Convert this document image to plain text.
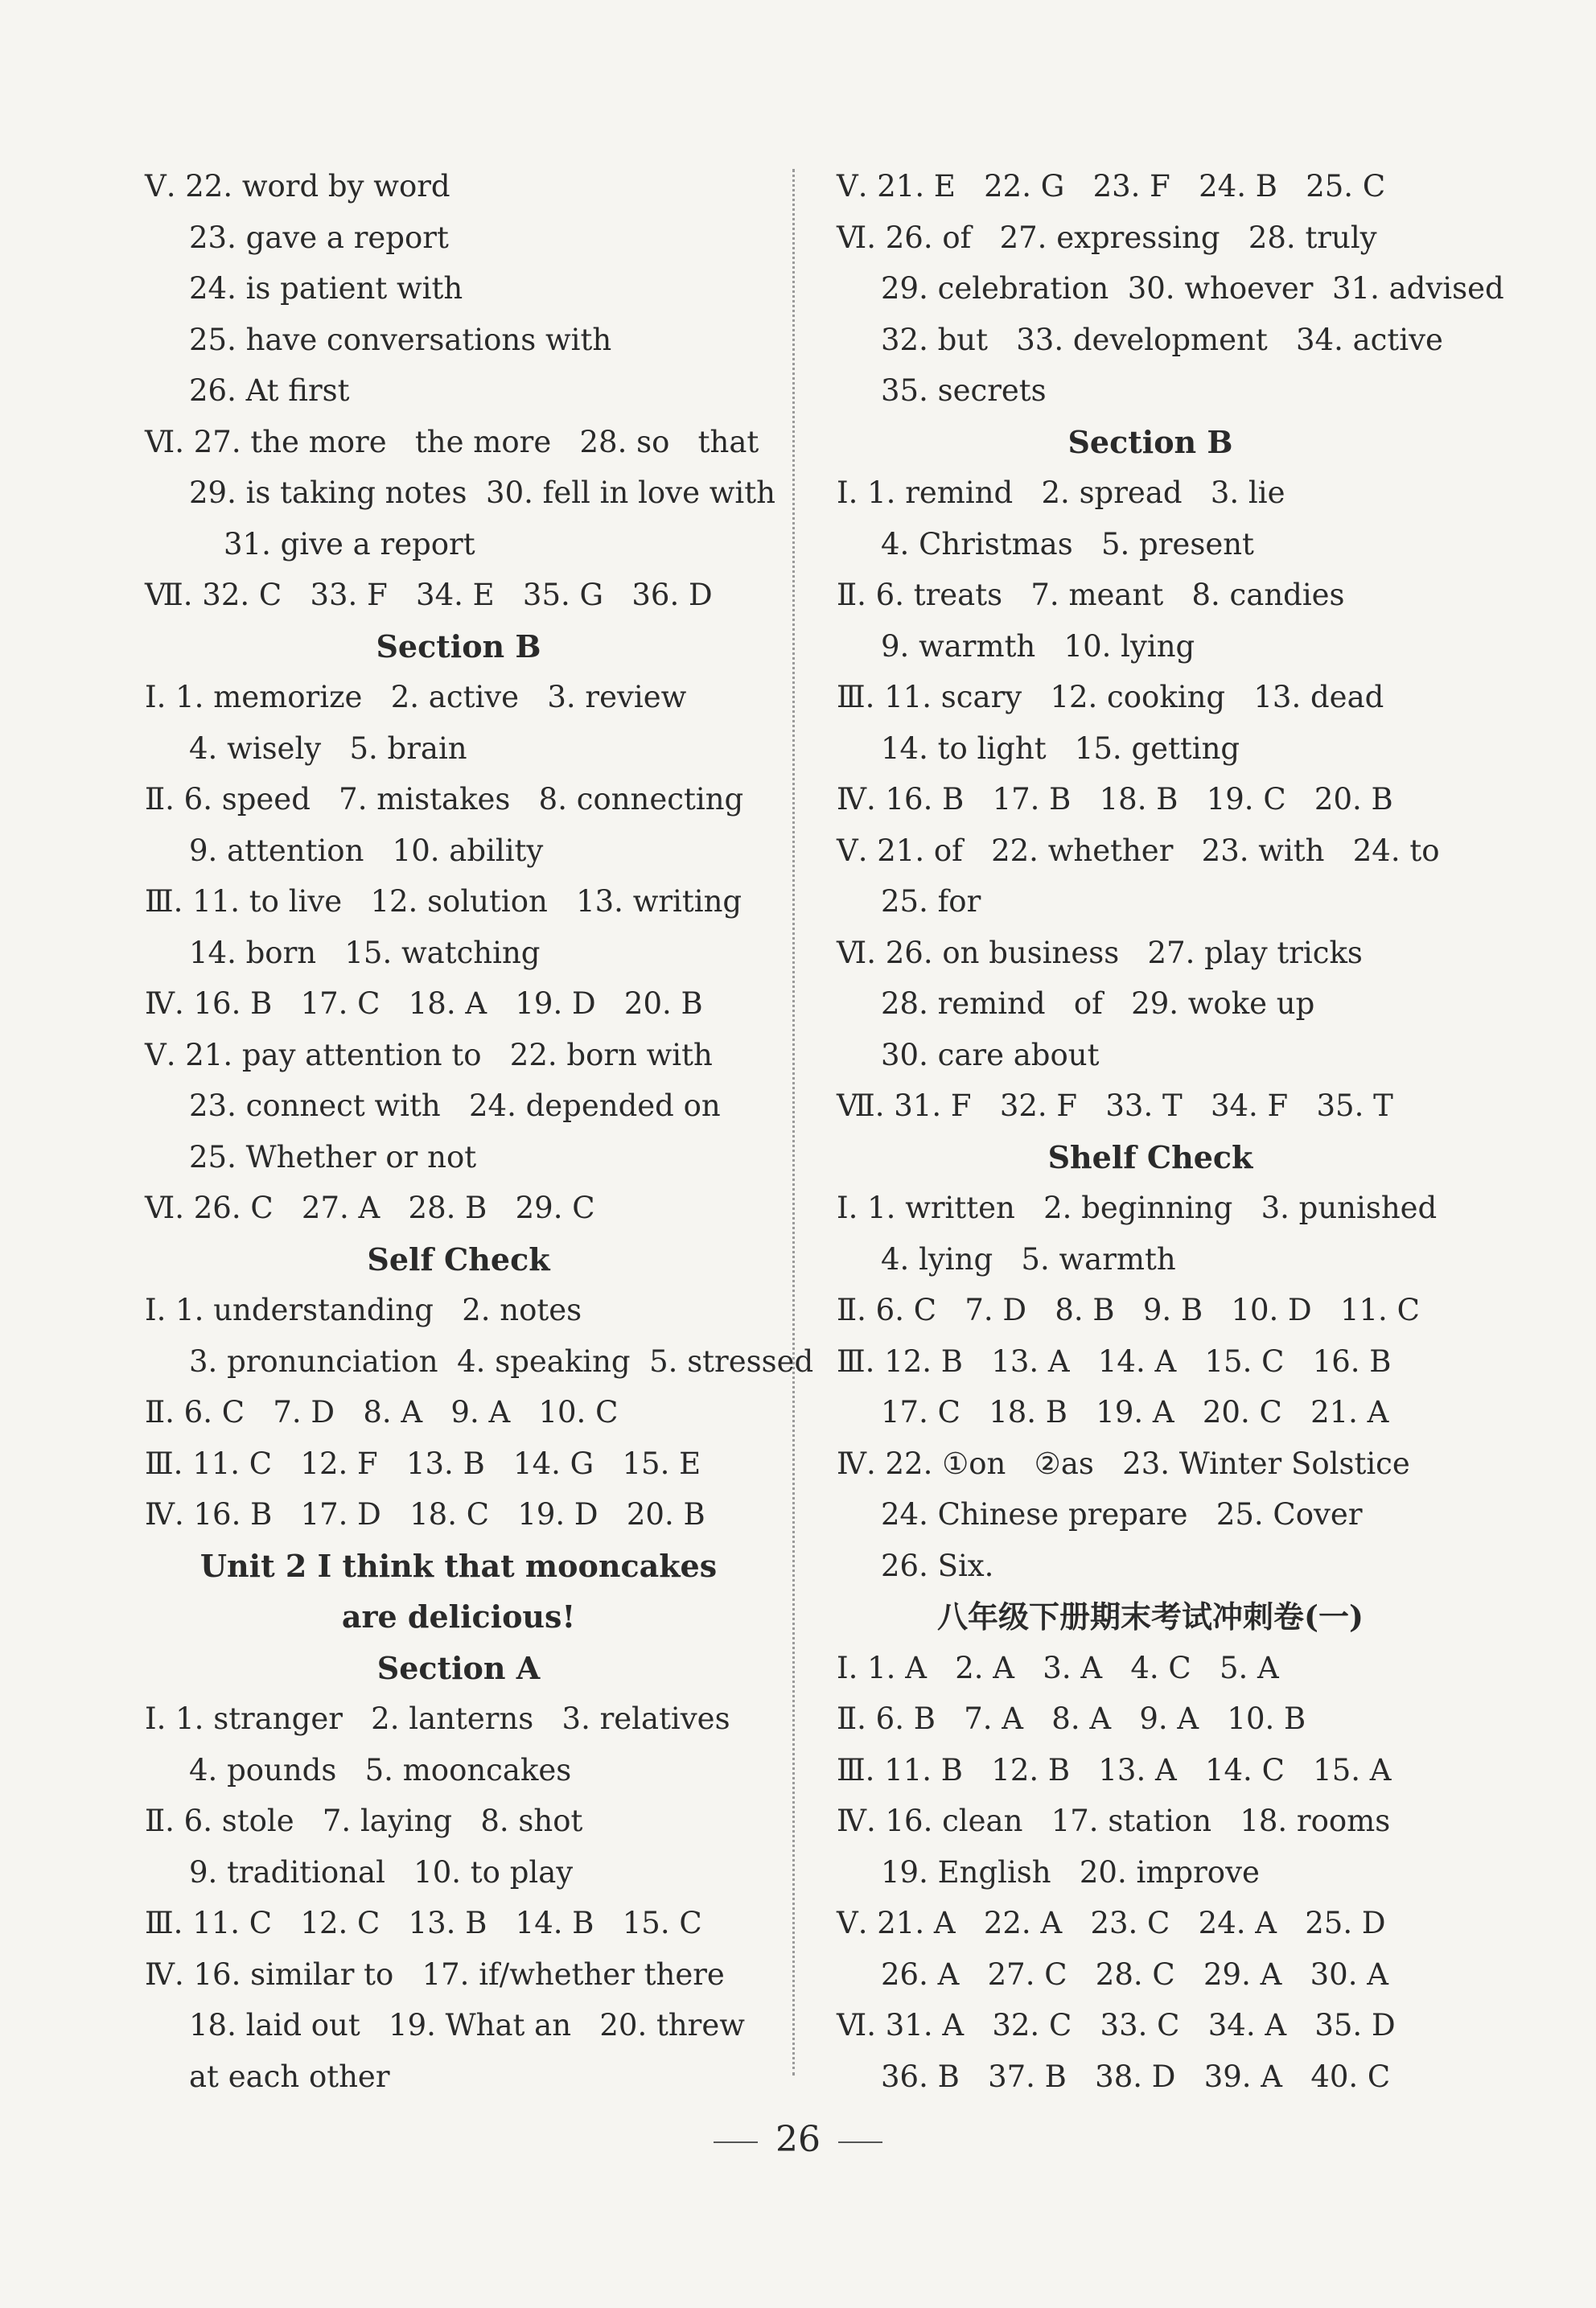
Ⅴ. 22. word by word
23. gave a report
24. is patient with
25. have conversations with
26. At first
Ⅵ. 27. the more   the more   28. so   that
29. is taking notes  30. fell in love with
31. give a report
Ⅶ. 32. C   33. F   34. E   35. G   36. D
Section B
Ⅰ. 1. memorize   2. active   3. review
4. wisely   5. brain
Ⅱ. 6. speed   7. mistakes   8. connecting
9. attention   10. ability
Ⅲ. 11. to live   12. solution   13. writing
14. born   15. watching
Ⅳ. 16. B   17. C   18. A   19. D   20. B
Ⅴ. 21. pay attention to   22. born with
23. connect with   24. depended on
25. Whether or not
Ⅵ. 26. C   27. A   28. B   29. C
Self Check
Ⅰ. 1. understanding   2. notes
3. pronunciation  4. speaking  5. stressed
Ⅱ. 6. C   7. D   8. A   9. A   10. C
Ⅲ. 11. C   12. F   13. B   14. G   15. E
Ⅳ. 16. B   17. D   18. C   19. D   20. B
Unit 2 I think that mooncakes
are delicious!
Section A
Ⅰ. 1. stranger   2. lanterns   3. relatives
4. pounds   5. mooncakes
Ⅱ. 6. stole   7. laying   8. shot
9. traditional   10. to play
Ⅲ. 11. C   12. C   13. B   14. B   15. C
Ⅳ. 16. similar to   17. if/whether there
18. laid out   19. What an   20. threw
at each other
Ⅴ. 21. E   22. G   23. F   24. B   25. C
Ⅵ. 26. of   27. expressing   28. truly
29. celebration  30. whoever  31. advised
32. but   33. development   34. active
35. secrets
Section B
Ⅰ. 1. remind   2. spread   3. lie
4. Christmas   5. present
Ⅱ. 6. treats   7. meant   8. candies
9. warmth   10. lying
Ⅲ. 11. scary   12. cooking   13. dead
14. to light   15. getting
Ⅳ. 16. B   17. B   18. B   19. C   20. B
Ⅴ. 21. of   22. whether   23. with   24. to
25. for
Ⅵ. 26. on business   27. play tricks
28. remind   of   29. woke up
30. care about
Ⅶ. 31. F   32. F   33. T   34. F   35. T
Shelf Check
Ⅰ. 1. written   2. beginning   3. punished
4. lying   5. warmth
Ⅱ. 6. C   7. D   8. B   9. B   10. D   11. C
Ⅲ. 12. B   13. A   14. A   15. C   16. B
17. C   18. B   19. A   20. C   21. A
Ⅳ. 22. ①on   ②as   23. Winter Solstice
24. Chinese prepare   25. Cover
26. Six.
八年级下册期末考试冲刺卷(一)
Ⅰ. 1. A   2. A   3. A   4. C   5. A
Ⅱ. 6. B   7. A   8. A   9. A   10. B
Ⅲ. 11. B   12. B   13. A   14. C   15. A
Ⅳ. 16. clean   17. station   18. rooms
19. English   20. improve
Ⅴ. 21. A   22. A   23. C   24. A   25. D
26. A   27. C   28. C   29. A   30. A
Ⅵ. 31. A   32. C   33. C   34. A   35. D
36. B   37. B   38. D   39. A   40. C
26
